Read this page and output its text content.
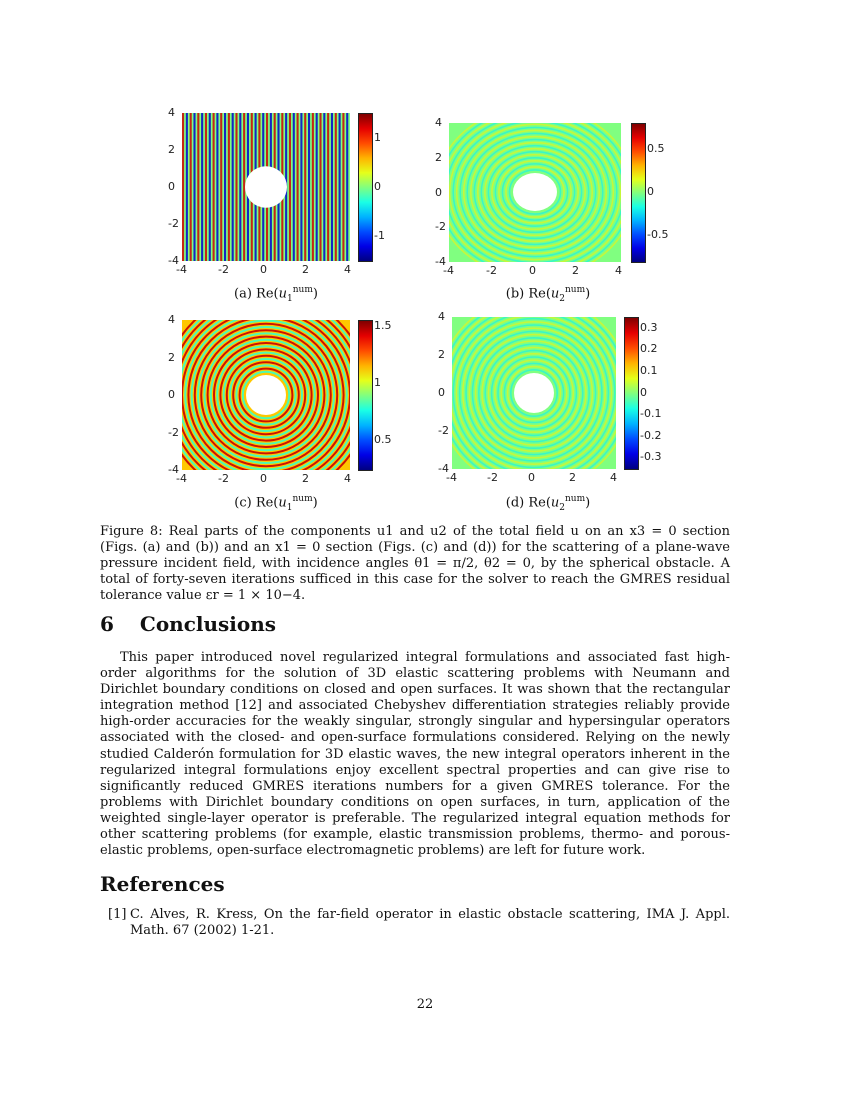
-4	-2	0	2	4
4
2
0
-2
-4
1
0
-1
-4	-2	0	2	4
4
2
0
-2
-4
0.5
0
-0.5
-4	-2	0	2	4
4
2
0
-2
-4
1.5
1
0.5
-4	-2	0	2	4
4
2
0
-2
-4
0.3
0.2
0.1
0
-0.1
-0.2
-0.3
(a) $Re(u_1^{num})$	(b) $Re(u_2^{num})$
(c) $Re(u_1^{num})$	(d) $Re(u_2^{num})$
Figure 8: Real parts of the components u1 and u2 of the total field u on an x3 = 0 section (Figs. (a) and (b)) and an x1 = 0 section (Figs. (c) and (d)) for the scattering of a plane-wave pressure incident field, with incidence angles θ1 = π/2, θ2 = 0, by the spherical obstacle. A total of forty-seven iterations sufficed in this case for the solver to reach the GMRES residual tolerance value εr = 1 × 10−4.
6 Conclusions
This paper introduced novel regularized integral formulations and associated fast high-order algorithms for the solution of 3D elastic scattering problems with Neumann and Dirichlet boundary conditions on closed and open surfaces. It was shown that the rectangular integration method [12] and associated Chebyshev differentiation strategies reliably provide high-order accuracies for the weakly singular, strongly singular and hypersingular operators associated with the closed- and open-surface formulations considered. Relying on the newly studied Calderón formulation for 3D elastic waves, the new integral operators inherent in the regularized integral formulations enjoy excellent spectral properties and can give rise to significantly reduced GMRES iterations numbers for a given GMRES tolerance. For the problems with Dirichlet boundary conditions on open surfaces, in turn, application of the weighted single-layer operator is preferable. The regularized integral equation methods for other scattering problems (for example, elastic transmission problems, thermo- and porous-elastic problems, open-surface electromagnetic problems) are left for future work.
References
[1] C. Alves, R. Kress, On the far-field operator in elastic obstacle scattering, IMA J. Appl. Math. 67 (2002) 1-21.
22
